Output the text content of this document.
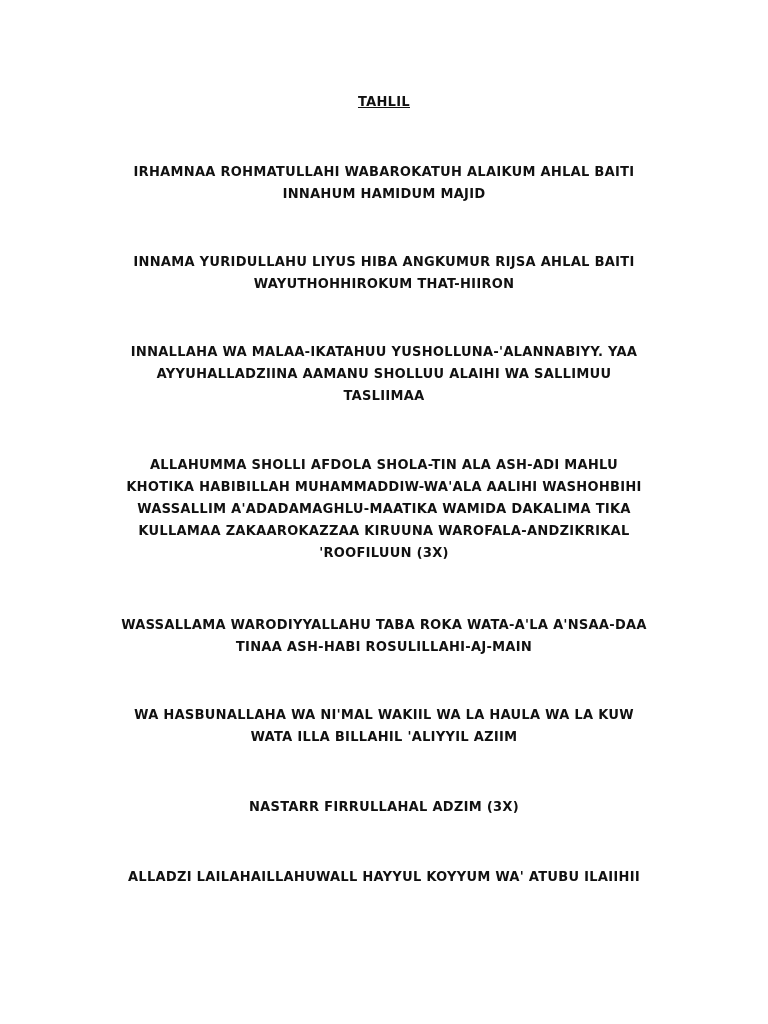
TAHLIL
IRHAMNAA ROHMATULLAHI WABAROKATUH ALAIKUM AHLAL BAITI
INNAHUM HAMIDUM MAJID
INNAMA YURIDULLAHU LIYUS HIBA ANGKUMUR RIJSA AHLAL BAITI
WAYUTHOHHIROKUM THAT-HIIRON
INNALLAHA WA MALAA-IKATAHUU YUSHOLLUNA-'ALANNABIYY. YAA
AYYUHALLADZIINA AAMANU SHOLLUU ALAIHI WA SALLIMUU
TASLIIMAA
ALLAHUMMA SHOLLI AFDOLA SHOLA-TIN ALA ASH-ADI MAHLU
KHOTIKA HABIBILLAH MUHAMMADDIW-WA'ALA AALIHI WASHOHBIHI
WASSALLIM A'ADADAMAGHLU-MAATIKA WAMIDA DAKALIMA TIKA
KULLAMAA ZAKAAROKAZZAA KIRUUNA WAROFALA-ANDZIKRIKAL
'ROOFILUUN (3X)
WASSALLAMA WARODIYYALLAHU TABA ROKA WATA-A'LA A'NSAA-DAA
TINAA ASH-HABI ROSULILLAHI-AJ-MAIN
WA HASBUNALLAHA WA NI'MAL WAKIIL WA LA HAULA WA LA KUW
WATA ILLA BILLAHIL 'ALIYYIL AZIIM
NASTARR FIRRULLAHAL ADZIM (3X)
ALLADZI LAILAHAILLAHUWALL HAYYUL KOYYUM WA' ATUBU ILAIIHII
